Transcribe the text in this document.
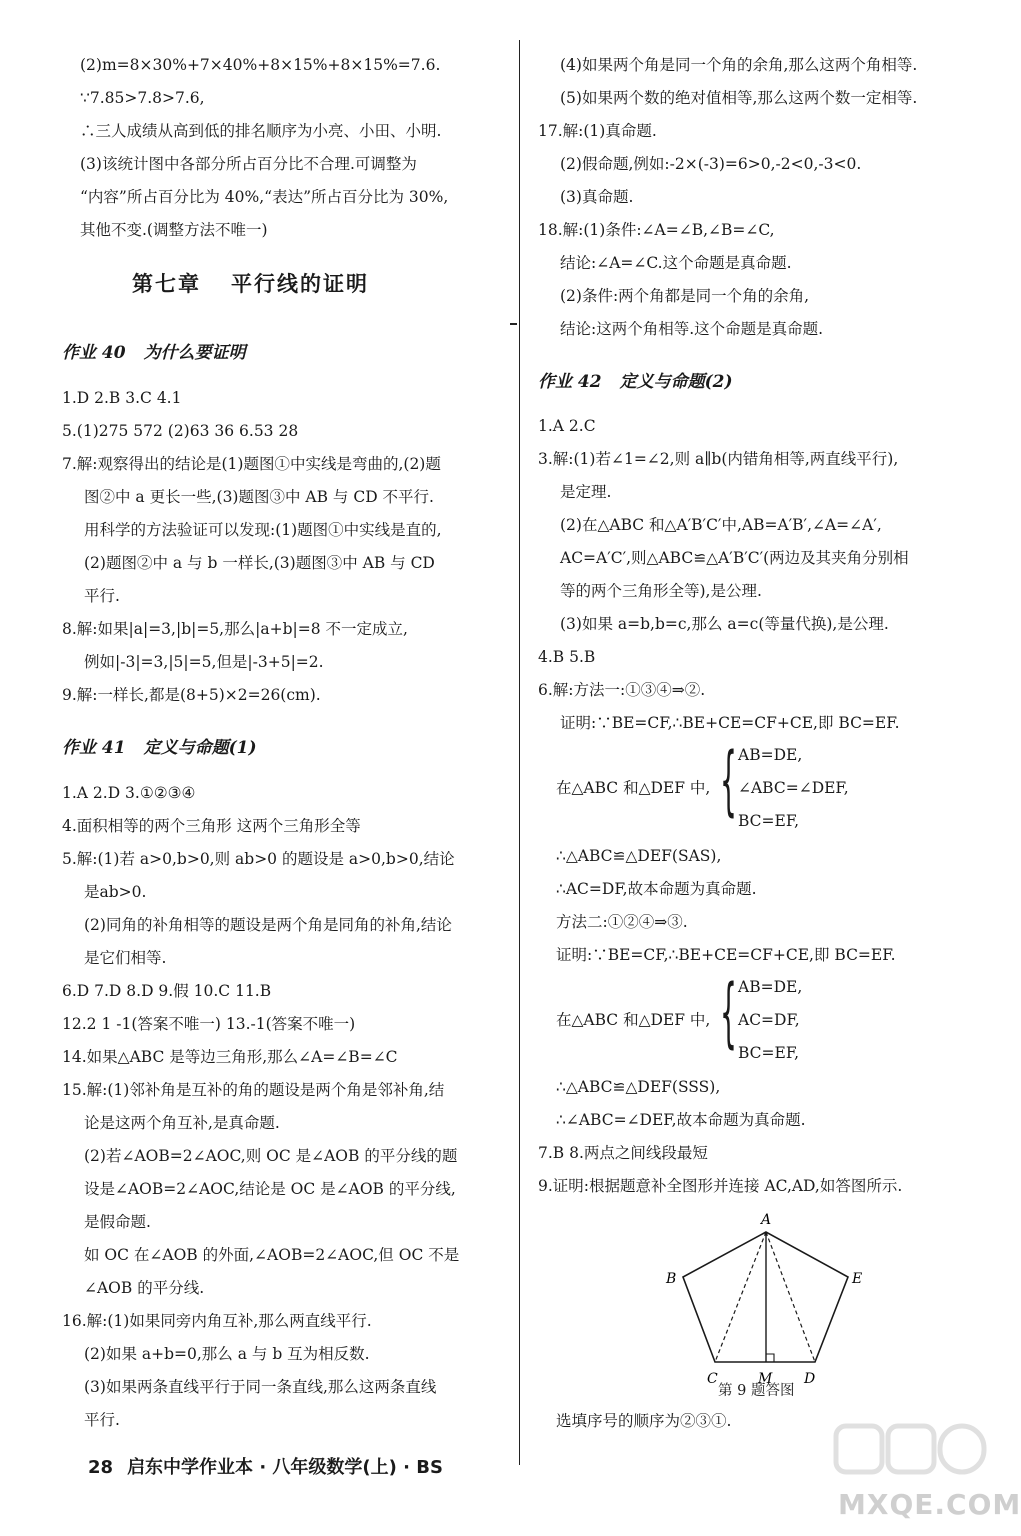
(2)m=8×30%+7×40%+8×15%+8×15%=7.6.
∵7.85>7.8>7.6,
∴三人成绩从高到低的排名顺序为小亮、小田、小明.
(3)该统计图中各部分所占百分比不合理.可调整为
“内容”所占百分比为 40%,“表达”所占百分比为 30%,
其他不变.(调整方法不唯一)
第七章 平行线的证明
作业 40 为什么要证明
1.D 2.B 3.C 4.1
5.(1)275 572 (2)63 36 6.53 28
7.解:观察得出的结论是(1)题图①中实线是弯曲的,(2)题
图②中 a 更长一些,(3)题图③中 AB 与 CD 不平行.
用科学的方法验证可以发现:(1)题图①中实线是直的,
(2)题图②中 a 与 b 一样长,(3)题图③中 AB 与 CD
平行.
8.解:如果|a|=3,|b|=5,那么|a+b|=8 不一定成立,
例如|-3|=3,|5|=5,但是|-3+5|=2.
9.解:一样长,都是(8+5)×2=26(cm).
作业 41 定义与命题(1)
1.A 2.D 3.①②③④
4.面积相等的两个三角形 这两个三角形全等
5.解:(1)若 a>0,b>0,则 ab>0 的题设是 a>0,b>0,结论
是ab>0.
(2)同角的补角相等的题设是两个角是同角的补角,结论
是它们相等.
6.D 7.D 8.D 9.假 10.C 11.B
12.2 1 -1(答案不唯一) 13.-1(答案不唯一)
14.如果△ABC 是等边三角形,那么∠A=∠B=∠C
15.解:(1)邻补角是互补的角的题设是两个角是邻补角,结
论是这两个角互补,是真命题.
(2)若∠AOB=2∠AOC,则 OC 是∠AOB 的平分线的题
设是∠AOB=2∠AOC,结论是 OC 是∠AOB 的平分线,
是假命题.
如 OC 在∠AOB 的外面,∠AOB=2∠AOC,但 OC 不是
∠AOB 的平分线.
16.解:(1)如果同旁内角互补,那么两直线平行.
(2)如果 a+b=0,那么 a 与 b 互为相反数.
(3)如果两条直线平行于同一条直线,那么这两条直线
平行.
(4)如果两个角是同一个角的余角,那么这两个角相等.
(5)如果两个数的绝对值相等,那么这两个数一定相等.
17.解:(1)真命题.
(2)假命题,例如:-2×(-3)=6>0,-2<0,-3<0.
(3)真命题.
18.解:(1)条件:∠A=∠B,∠B=∠C,
结论:∠A=∠C.这个命题是真命题.
(2)条件:两个角都是同一个角的余角,
结论:这两个角相等.这个命题是真命题.
作业 42 定义与命题(2)
1.A 2.C
3.解:(1)若∠1=∠2,则 a∥b(内错角相等,两直线平行),
是定理.
(2)在△ABC 和△A′B′C′中,AB=A′B′,∠A=∠A′,
AC=A′C′,则△ABC≌△A′B′C′(两边及其夹角分别相
等的两个三角形全等),是公理.
(3)如果 a=b,b=c,那么 a=c(等量代换),是公理.
4.B 5.B
6.解:方法一:①③④⇒②.
证明:∵BE=CF,∴BE+CE=CF+CE,即 BC=EF.
在△ABC 和△DEF 中, { AB=DE,
∠ABC=∠DEF,
BC=EF,
∴△ABC≌△DEF(SAS),
∴AC=DF,故本命题为真命题.
方法二:①②④⇒③.
证明:∵BE=CF,∴BE+CE=CF+CE,即 BC=EF.
在△ABC 和△DEF 中, { AB=DE,
AC=DF,
BC=EF,
∴△ABC≌△DEF(SSS),
∴∠ABC=∠DEF,故本命题为真命题.
7.B 8.两点之间线段最短
9.证明:根据题意补全图形并连接 AC,AD,如答图所示.
选填序号的顺序为②③①.
A
B
C	M D
E
第 9 题答图
28 启东中学作业本 · 八年级数学(上) · BS
MXQE.COM
